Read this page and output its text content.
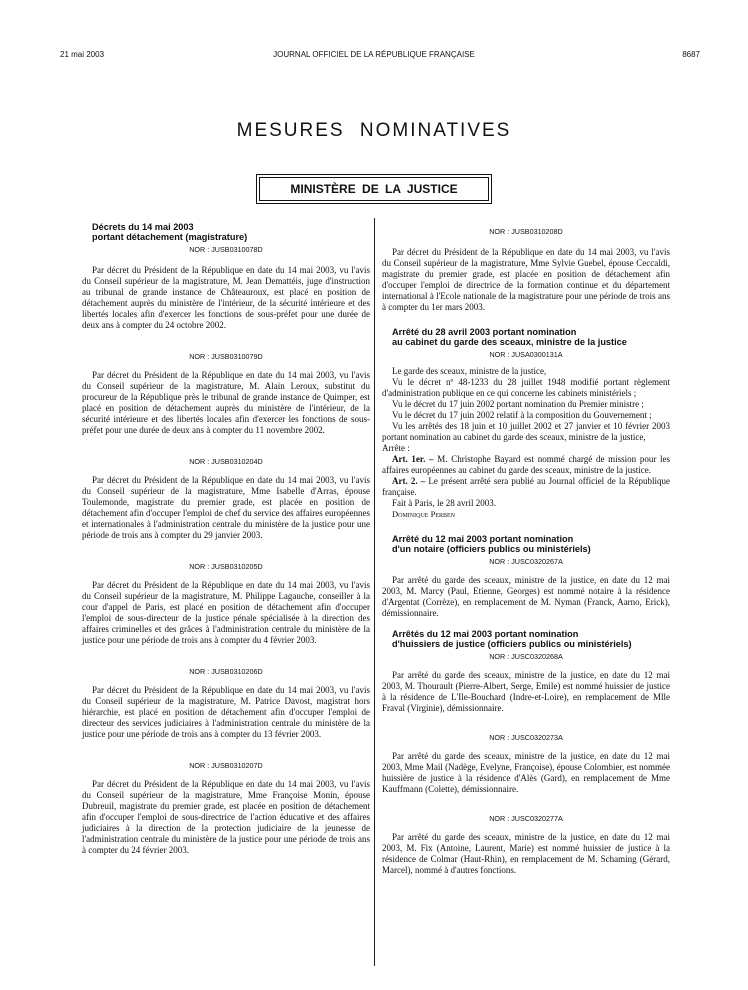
21 mai 2003	JOURNAL OFFICIEL DE LA RÉPUBLIQUE FRANÇAISE	8687
MESURES NOMINATIVES
MINISTÈRE DE LA JUSTICE

Décrets du 14 mai 2003

portant détachement (magistrature)

NOR : JUSB0310078D

Par décret du Président de la République en date du 14 mai 2003, vu l'avis du Conseil supérieur de la magistrature, M. Jean Demattéis, juge d'instruction au tribunal de grande instance de Châteauroux, est placé en position de détachement auprès du ministère de l'intérieur, de la sécurité intérieure et des libertés locales afin d'exercer les fonctions de sous-préfet pour une durée de deux ans à compter du 24 octobre 2002.

NOR : JUSB0310079D

Par décret du Président de la République en date du 14 mai 2003, vu l'avis du Conseil supérieur de la magistrature, M. Alain Leroux, substitut du procureur de la République près le tribunal de grande instance de Quimper, est placé en position de détachement auprès du ministère de l'intérieur, de la sécurité intérieure et des libertés locales afin d'exercer les fonctions de sous-préfet pour une durée de deux ans à compter du 11 novembre 2002.

NOR : JUSB0310204D

Par décret du Président de la République en date du 14 mai 2003, vu l'avis du Conseil supérieur de la magistrature, Mme Isabelle d'Arras, épouse Toulemonde, magistrate du premier grade, est placée en position de détachement afin d'occuper l'emploi de chef du service des affaires européennes et internationales à l'administration centrale du ministère de la justice pour une période de trois ans à compter du 29 janvier 2003.

NOR : JUSB0310205D

Par décret du Président de la République en date du 14 mai 2003, vu l'avis du Conseil supérieur de la magistrature, M. Philippe Lagauche, conseiller à la cour d'appel de Paris, est placé en position de détachement afin d'occuper l'emploi de sous-directeur de la justice pénale spécialisée à la direction des affaires criminelles et des grâces à l'administration centrale du ministère de la justice pour une période de trois ans à compter du 4 février 2003.

NOR : JUSB0310206D

Par décret du Président de la République en date du 14 mai 2003, vu l'avis du Conseil supérieur de la magistrature, M. Patrice Davost, magistrat hors hiérarchie, est placé en position de détachement afin d'occuper l'emploi de directeur des services judiciaires à l'administration centrale du ministère de la justice pour une période de trois ans à compter du 13 février 2003.

NOR : JUSB0310207D

Par décret du Président de la République en date du 14 mai 2003, vu l'avis du Conseil supérieur de la magistrature, Mme Françoise Monin, épouse Dubreuil, magistrate du premier grade, est placée en position de détachement afin d'occuper l'emploi de sous-directrice de l'action éducative et des affaires judiciaires à la direction de la protection judiciaire de la jeunesse de l'administration centrale du ministère de la justice pour une période de trois ans à compter du 24 février 2003.

NOR : JUSB0310208D

Par décret du Président de la République en date du 14 mai 2003, vu l'avis du Conseil supérieur de la magistrature, Mme Sylvie Guebel, épouse Ceccaldi, magistrate du premier grade, est placée en position de détachement afin d'occuper l'emploi de directrice de la formation continue et du département international à l'Ecole nationale de la magistrature pour une période de trois ans à compter du 1er mars 2003.

Arrêté du 28 avril 2003 portant nomination

au cabinet du garde des sceaux, ministre de la justice

NOR : JUSA0300131A

Le garde des sceaux, ministre de la justice,

Vu le décret nº 48-1233 du 28 juillet 1948 modifié portant règlement d'administration publique en ce qui concerne les cabinets ministériels ;

Vu le décret du 17 juin 2002 portant nomination du Premier ministre ;

Vu le décret du 17 juin 2002 relatif à la composition du Gouvernement ;

Vu les arrêtés des 18 juin et 10 juillet 2002 et 27 janvier et 10 février 2003 portant nomination au cabinet du garde des sceaux, ministre de la justice,

Arrête :

Art. 1er. – M. Christophe Bayard est nommé chargé de mission pour les affaires européennes au cabinet du garde des sceaux, ministre de la justice.

Art. 2. – Le présent arrêté sera publié au Journal officiel de la République française.

Fait à Paris, le 28 avril 2003.

Dominique Perben

Arrêté du 12 mai 2003 portant nomination

d'un notaire (officiers publics ou ministériels)

NOR : JUSC0320267A

Par arrêté du garde des sceaux, ministre de la justice, en date du 12 mai 2003, M. Marcy (Paul, Etienne, Georges) est nommé notaire à la résidence d'Argentat (Corrèze), en remplacement de M. Nyman (Franck, Aarno, Erick), démissionnaire.

Arrêtés du 12 mai 2003 portant nomination

d'huissiers de justice (officiers publics ou ministériels)

NOR : JUSC0320268A

Par arrêté du garde des sceaux, ministre de la justice, en date du 12 mai 2003, M. Thourault (Pierre-Albert, Serge, Emile) est nommé huissier de justice à la résidence de L'Ile-Bouchard (Indre-et-Loire), en remplacement de Mlle Fraval (Virginie), démissionnaire.

NOR : JUSC0320273A

Par arrêté du garde des sceaux, ministre de la justice, en date du 12 mai 2003, Mme Mail (Nadège, Evelyne, Françoise), épouse Colombier, est nommée huissière de justice à la résidence d'Alès (Gard), en remplacement de Mme Kauffmann (Colette), démissionnaire.

NOR : JUSC0320277A

Par arrêté du garde des sceaux, ministre de la justice, en date du 12 mai 2003, M. Fix (Antoine, Laurent, Marie) est nommé huissier de justice à la résidence de Colmar (Haut-Rhin), en remplacement de M. Schaming (Gérard, Marcel), nommé à d'autres fonctions.
